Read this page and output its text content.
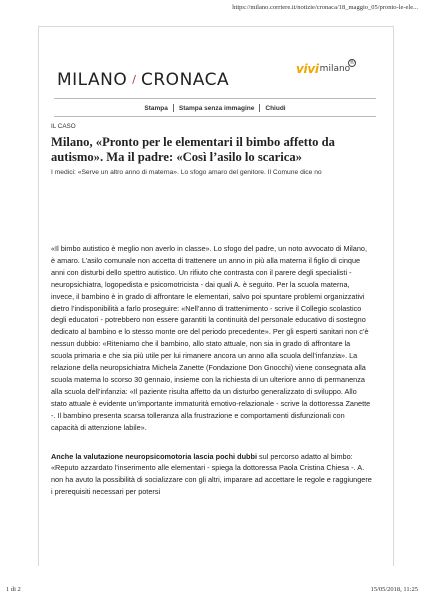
https://milano.corriere.it/notizie/cronaca/18_maggio_05/pronto-le-ele...
MILANO / CRONACA
vivi milano
®
Stampa	Stampa senza immagine	Chiudi
IL CASO
Milano, «Pronto per le elementari il bimbo affetto da autismo». Ma il padre: «Così l’asilo lo scarica»

I medici: «Serve un altro anno di materna». Lo sfogo amaro del genitore. Il Comune dice no

«Il bimbo autistico è meglio non averlo in classe». Lo sfogo del padre, un noto avvocato di Milano, è amaro. L’asilo comunale non accetta di trattenere un anno in più alla materna il figlio di cinque anni con disturbi dello spettro autistico. Un rifiuto che contrasta con il parere degli specialisti - neuropsichiatra, logopedista e psicomotricista - dai quali A. è seguito. Per la scuola materna, invece, il bambino è in grado di affrontare le elementari, salvo poi spuntare problemi organizzativi dietro l’indisponibilità a farlo proseguire: «Nell’anno di trattenimento - scrive il Collegio scolastico degli educatori - potrebbero non essere garantiti la continuità del personale educativo di sostegno dedicato al bambino e lo stesso monte ore del periodo precedente». Per gli esperti sanitari non c’è nessun dubbio: «Riteniamo che il bambino, allo stato attuale, non sia in grado di affrontare la scuola primaria e che sia più utile per lui rimanere ancora un anno alla scuola dell’infanzia». La relazione della neuropsichiatra Michela Zanette (Fondazione Don Gnocchi) viene consegnata alla scuola materna lo scorso 30 gennaio, insieme con la richiesta di un ulteriore anno di permanenza alla scuola dell’infanzia: «Il paziente risulta affetto da un disturbo generalizzato di sviluppo. Allo stato attuale è evidente un’importante immaturità emotivo-relazionale - scrive la dottoressa Zanette -. Il bambino presenta scarsa tolleranza alla frustrazione e comportamenti disfunzionali con capacità di attenzione labile».

Anche la valutazione neuropsicomotoria lascia pochi dubbi sul percorso adatto al bimbo: «Reputo azzardato l’inserimento alle elementari - spiega la dottoressa Paola Cristina Chiesa -. A. non ha avuto la possibilità di socializzare con gli altri, imparare ad accettare le regole e raggiungere i prerequisiti necessari per potersi

1 di 2	15/05/2018, 11:25
